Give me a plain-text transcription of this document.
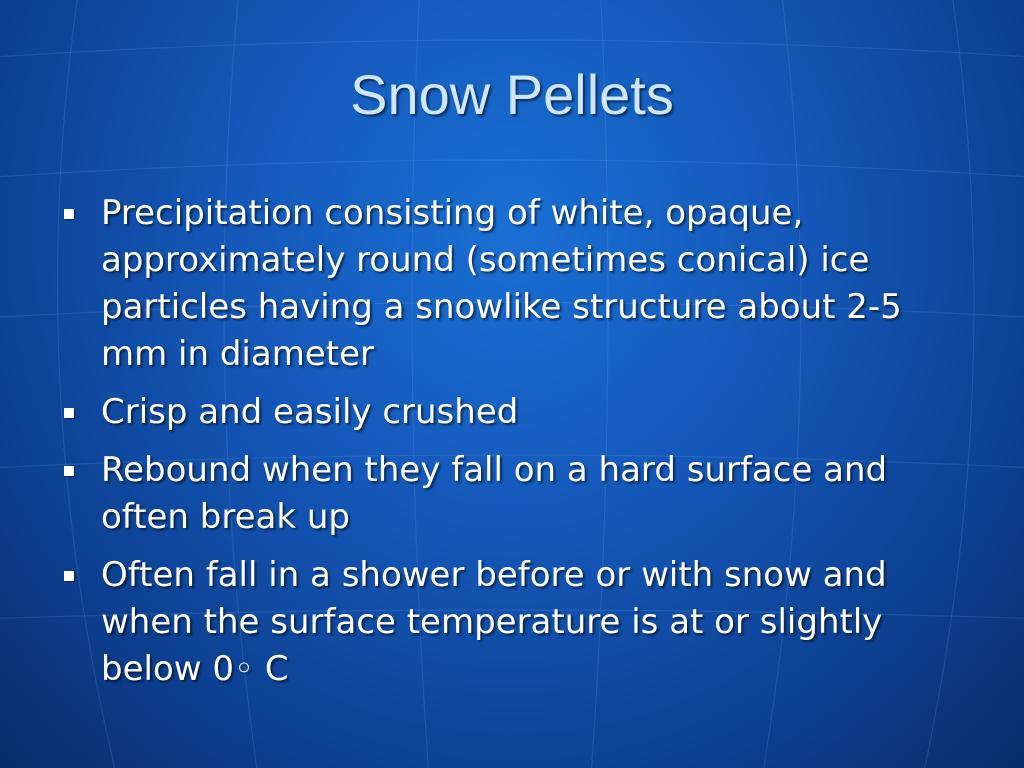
Snow Pellets
Precipitation consisting of white, opaque, approximately round (sometimes conical) ice particles having a snowlike structure about 2-5 mm in diameter
Crisp and easily crushed
Rebound when they fall on a hard surface and often break up
Often fall in a shower before or with snow and when the surface temperature is at or slightly below 0◦ C
